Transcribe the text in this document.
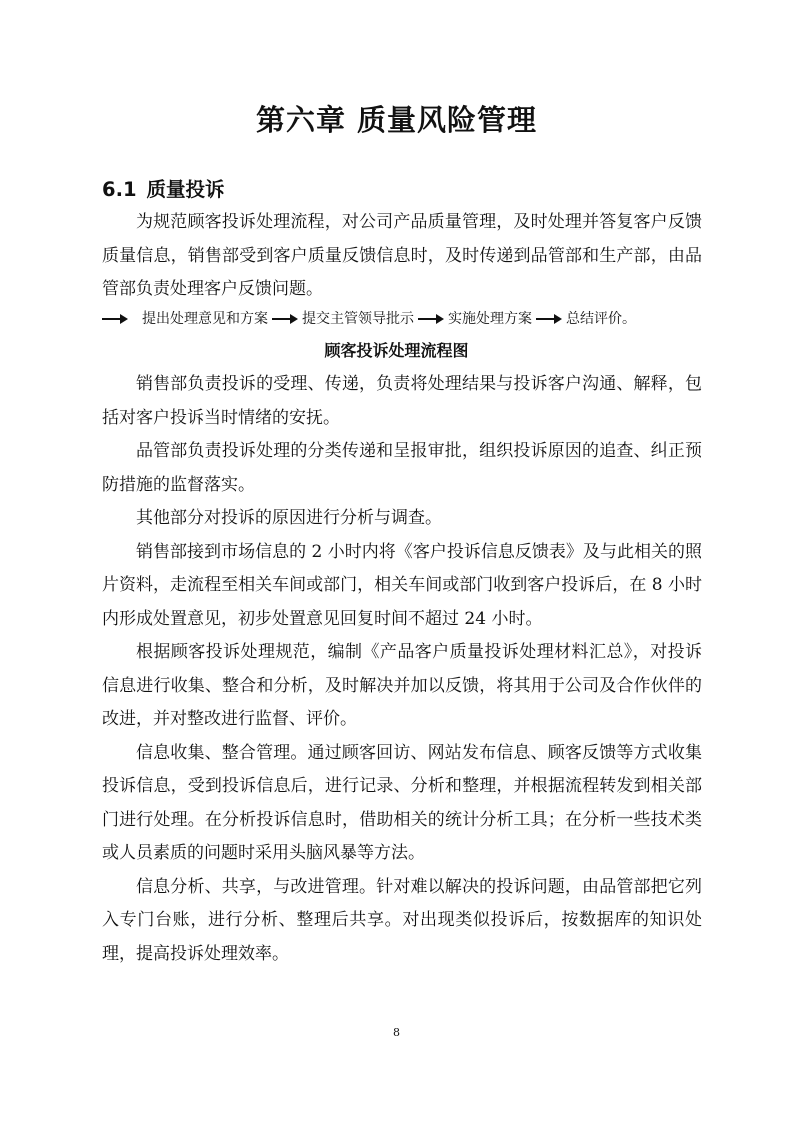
第六章 质量风险管理
6.1 质量投诉

为规范顾客投诉处理流程，对公司产品质量管理，及时处理并答复客户反馈质量信息，销售部受到客户质量反馈信息时，及时传递到品管部和生产部，由品管部负责处理客户反馈问题。

提出处理意见和方案 提交主管领导批示 实施处理方案 总结评价。
顾客投诉处理流程图

销售部负责投诉的受理、传递，负责将处理结果与投诉客户沟通、解释，包括对客户投诉当时情绪的安抚。

品管部负责投诉处理的分类传递和呈报审批，组织投诉原因的追查、纠正预防措施的监督落实。

其他部分对投诉的原因进行分析与调查。

销售部接到市场信息的 2 小时内将《客户投诉信息反馈表》及与此相关的照片资料，走流程至相关车间或部门，相关车间或部门收到客户投诉后，在 8 小时内形成处置意见，初步处置意见回复时间不超过 24 小时。

根据顾客投诉处理规范，编制《产品客户质量投诉处理材料汇总》，对投诉信息进行收集、整合和分析，及时解决并加以反馈，将其用于公司及合作伙伴的改进，并对整改进行监督、评价。

信息收集、整合管理。通过顾客回访、网站发布信息、顾客反馈等方式收集投诉信息，受到投诉信息后，进行记录、分析和整理，并根据流程转发到相关部门进行处理。在分析投诉信息时，借助相关的统计分析工具；在分析一些技术类或人员素质的问题时采用头脑风暴等方法。

信息分析、共享，与改进管理。针对难以解决的投诉问题，由品管部把它列入专门台账，进行分析、整理后共享。对出现类似投诉后，按数据库的知识处理，提高投诉处理效率。

8
